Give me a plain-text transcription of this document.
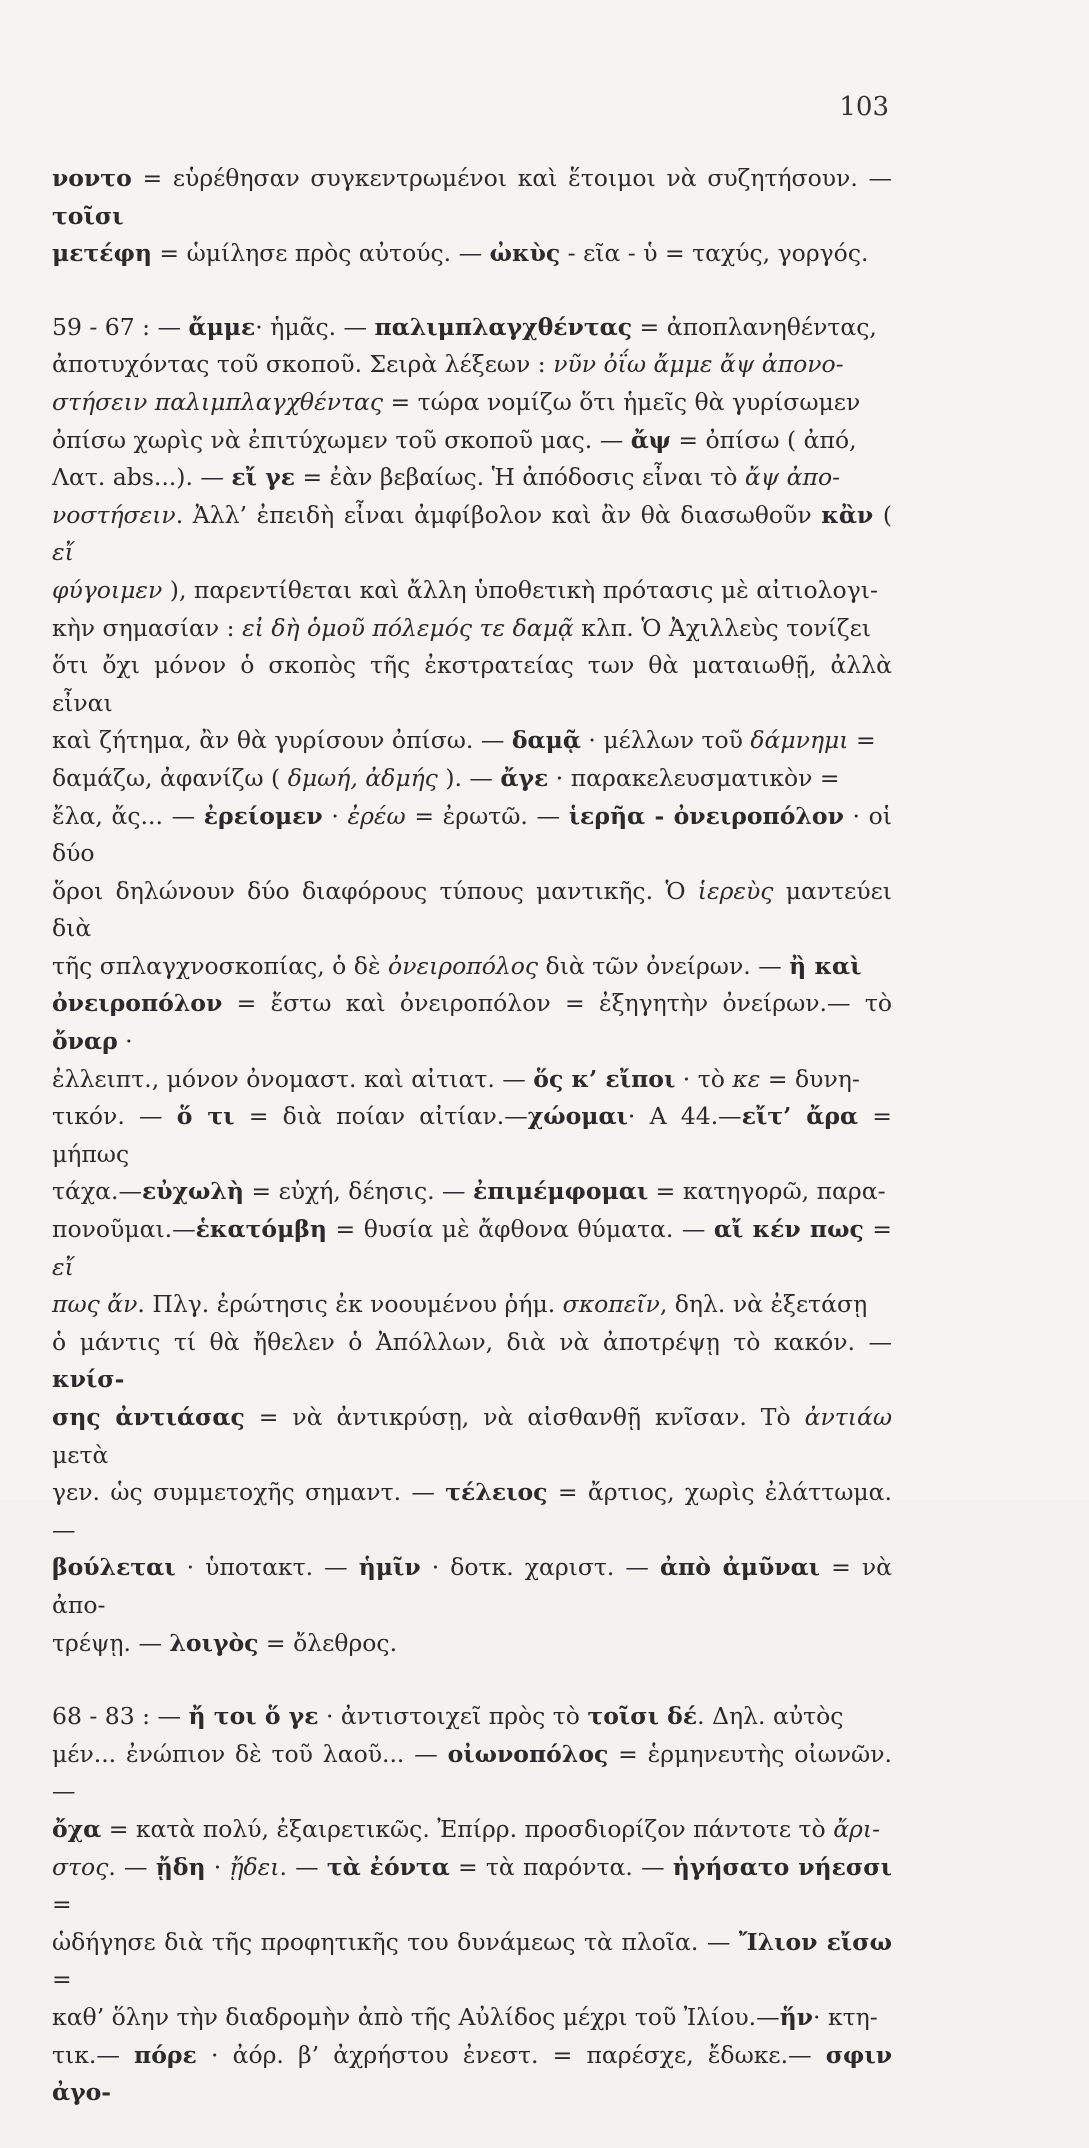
103

νοντο = εὑρέθησαν συγκεντρωμένοι καὶ ἕτοιμοι νὰ συζητήσουν. — τοῖσι

μετέφη = ὡμίλησε πρὸς αὐτούς. — ὠκὺς - εῖα - ὑ = ταχύς, γοργός.

59 - 67 : — ἄμμε· ἡμᾶς. — παλιμπλαγχθέντας = ἀποπλανηθέντας,

ἀποτυχόντας τοῦ σκοποῦ. Σειρὰ λέξεων : νῦν ὀΐω ἄμμε ἄψ ἀπονο-

στήσειν παλιμπλαγχθέντας = τώρα νομίζω ὅτι ἡμεῖς θὰ γυρίσωμεν

ὀπίσω χωρὶς νὰ ἐπιτύχωμεν τοῦ σκοποῦ μας. — ἄψ = ὀπίσω ( ἀπό,

Λατ. abs...). — εἴ γε = ἐὰν βεβαίως. Ἡ ἀπόδοσις εἶναι τὸ ἄψ ἀπο-

νοστήσειν. Ἀλλ’ ἐπειδὴ εἶναι ἀμφίβολον καὶ ἂν θὰ διασωθοῦν κἂν ( εἴ

φύγοιμεν ), παρεντίθεται καὶ ἄλλη ὑποθετικὴ πρότασις μὲ αἰτιολογι-

κὴν σημασίαν : εἰ δὴ ὁμοῦ πόλεμός τε δαμᾷ κλπ. Ὁ Ἀχιλλεὺς τονίζει

ὅτι ὄχι μόνον ὁ σκοπὸς τῆς ἐκστρατείας των θὰ ματαιωθῇ, ἀλλὰ εἶναι

καὶ ζήτημα, ἂν θὰ γυρίσουν ὀπίσω. — δαμᾷ · μέλλων τοῦ δάμνημι =

δαμάζω, ἀφανίζω ( δμωή, ἀδμής ). — ἄγε · παρακελευσματικὸν =

ἔλα, ἄς... — ἐρείομεν · ἐρέω = ἐρωτῶ. — ἱερῆα - ὀνειροπόλον · οἱ δύο

ὅροι δηλώνουν δύο διαφόρους τύπους μαντικῆς. Ὁ ἱερεὺς μαντεύει διὰ

τῆς σπλαγχνοσκοπίας, ὁ δὲ ὀνειροπόλος διὰ τῶν ὀνείρων. — ἢ καὶ

ὀνειροπόλον = ἔστω καὶ ὀνειροπόλον = ἐξηγητὴν ὀνείρων.— τὸ ὄναρ ·

ἐλλειπτ., μόνον ὀνομαστ. καὶ αἰτιατ. — ὅς κ’ εἴποι · τὸ κε = δυνη-

τικόν. — ὅ τι = διὰ ποίαν αἰτίαν.—χώομαι· Α 44.—εἴτ’ ἄρα = μήπως

τάχα.—εὐχωλὴ = εὐχή, δέησις. — ἐπιμέμφομαι = κατηγορῶ, παρα-

πονοῦμαι.—ἑκατόμβη = θυσία μὲ ἄφθονα θύματα. — αἴ κέν πως = εἴ

πως ἄν. Πλγ. ἐρώτησις ἐκ νοουμένου ῥήμ. σκοπεῖν, δηλ. νὰ ἐξετάσῃ

ὁ μάντις τί θὰ ἤθελεν ὁ Ἀπόλλων, διὰ νὰ ἀποτρέψῃ τὸ κακόν. — κνίσ-

σης ἀντιάσας = νὰ ἀντικρύσῃ, νὰ αἰσθανθῇ κνῖσαν. Τὸ ἀντιάω μετὰ

γεν. ὡς συμμετοχῆς σημαντ. — τέλειος = ἄρτιος, χωρὶς ἐλάττωμα. —

βούλεται · ὑποτακτ. — ἡμῖν · δοτκ. χαριστ. — ἀπὸ ἀμῦναι = νὰ ἀπο-

τρέψῃ. — λοιγὸς = ὄλεθρος.

68 - 83 : — ἤ τοι ὅ γε · ἀντιστοιχεῖ πρὸς τὸ τοῖσι δέ. Δηλ. αὐτὸς

μέν... ἐνώπιον δὲ τοῦ λαοῦ... — οἰωνοπόλος = ἑρμηνευτὴς οἰωνῶν. —

ὄχα = κατὰ πολύ, ἐξαιρετικῶς. Ἐπίρρ. προσδιορίζον πάντοτε τὸ ἄρι-

στος. — ᾔδη · ᾔδει. — τὰ ἐόντα = τὰ παρόντα. — ἡγήσατο νήεσσι =

ὡδήγησε διὰ τῆς προφητικῆς του δυνάμεως τὰ πλοῖα. — Ἴλιον εἴσω =

καθ’ ὅλην τὴν διαδρομὴν ἀπὸ τῆς Αὐλίδος μέχρι τοῦ Ἰλίου.—ἥν· κτη-

τικ.— πόρε · ἀόρ. β’ ἀχρήστου ἐνεστ. = παρέσχε, ἔδωκε.— σφιν ἀγο-
